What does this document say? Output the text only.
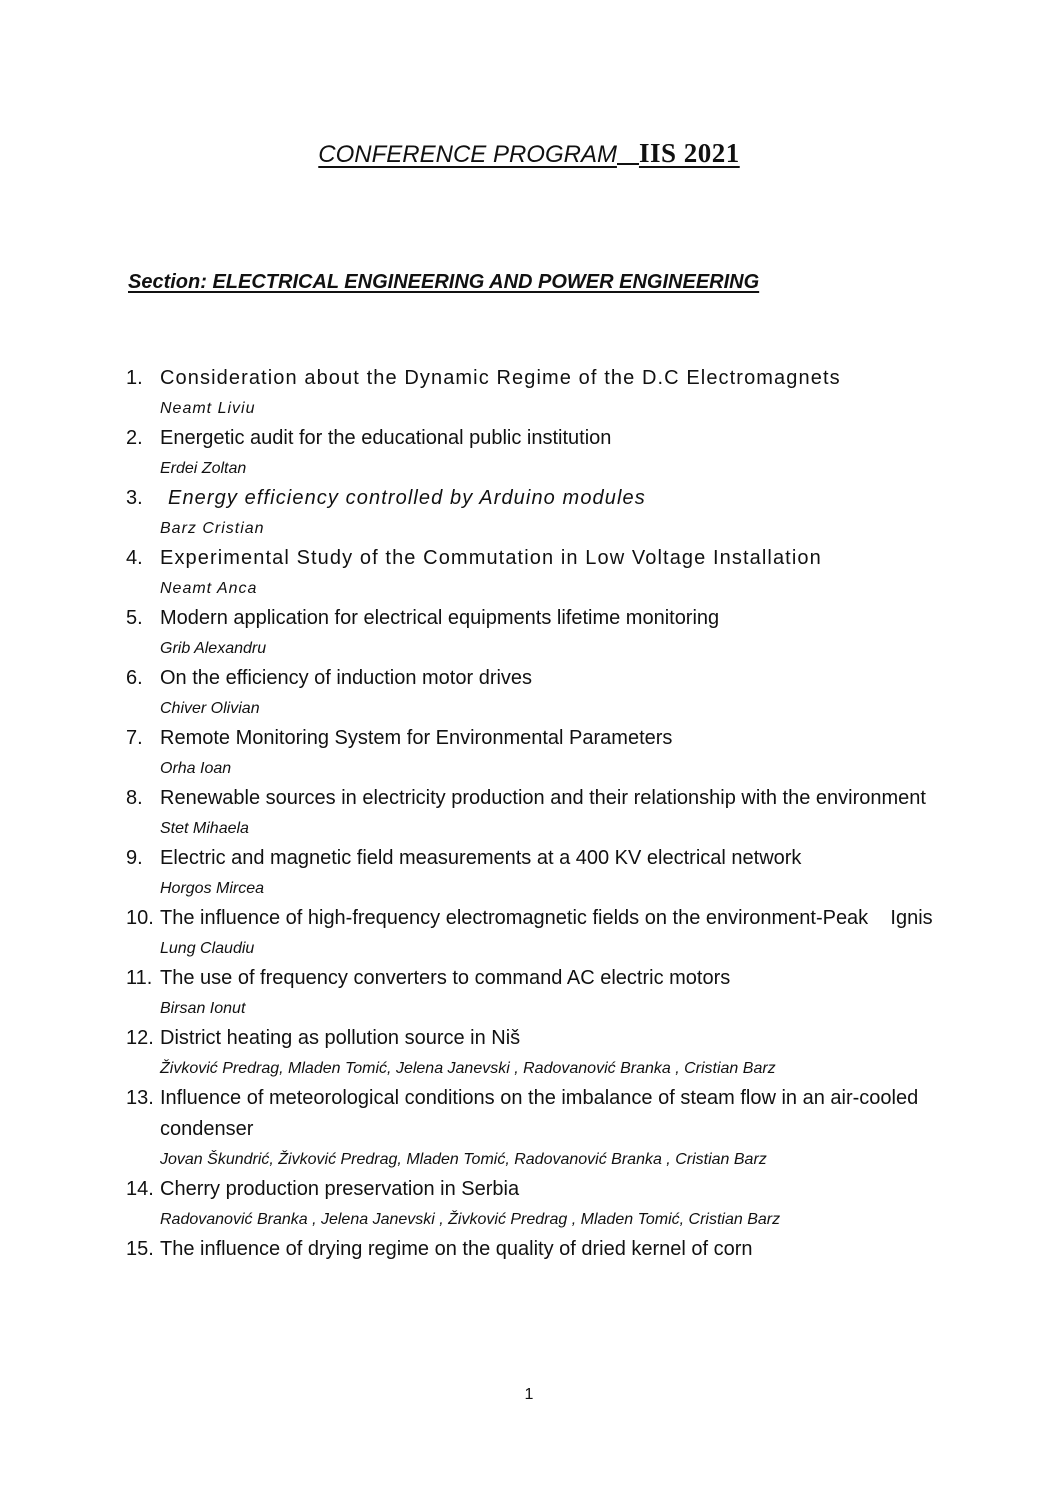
CONFERENCE PROGRAM IIS 2021
Section: ELECTRICAL ENGINEERING AND POWER ENGINEERING
1. Consideration about the Dynamic Regime of the D.C Electromagnets
Neamt Liviu
2. Energetic audit for the educational public institution
Erdei Zoltan
3.	Energy efficiency controlled by Arduino modules
Barz Cristian
4. Experimental Study of the Commutation in Low Voltage Installation
Neamt Anca
5. Modern application for electrical equipments lifetime monitoring
Grib Alexandru
6. On the efficiency of induction motor drives
Chiver Olivian
7. Remote Monitoring System for Environmental Parameters
Orha Ioan
8. Renewable sources in electricity production and their relationship with the environment
Stet Mihaela
9. Electric and magnetic field measurements at a 400 KV electrical network
Horgos Mircea
10. The influence of high-frequency electromagnetic fields on the environment-Peak    Ignis
Lung Claudiu
11. The use of frequency converters to command AC electric motors
Birsan Ionut
12. District heating as pollution source in Niš
Živković Predrag, Mladen Tomić, Jelena Janevski , Radovanović Branka , Cristian Barz
13. Influence of meteorological conditions on the imbalance of steam flow in an air-cooled condenser
Jovan Škundrić, Živković Predrag, Mladen Tomić, Radovanović Branka , Cristian Barz
14. Cherry production preservation in Serbia
Radovanović Branka , Jelena Janevski , Živković Predrag , Mladen Tomić, Cristian Barz
15. The influence of drying regime on the quality of dried kernel of corn
1
